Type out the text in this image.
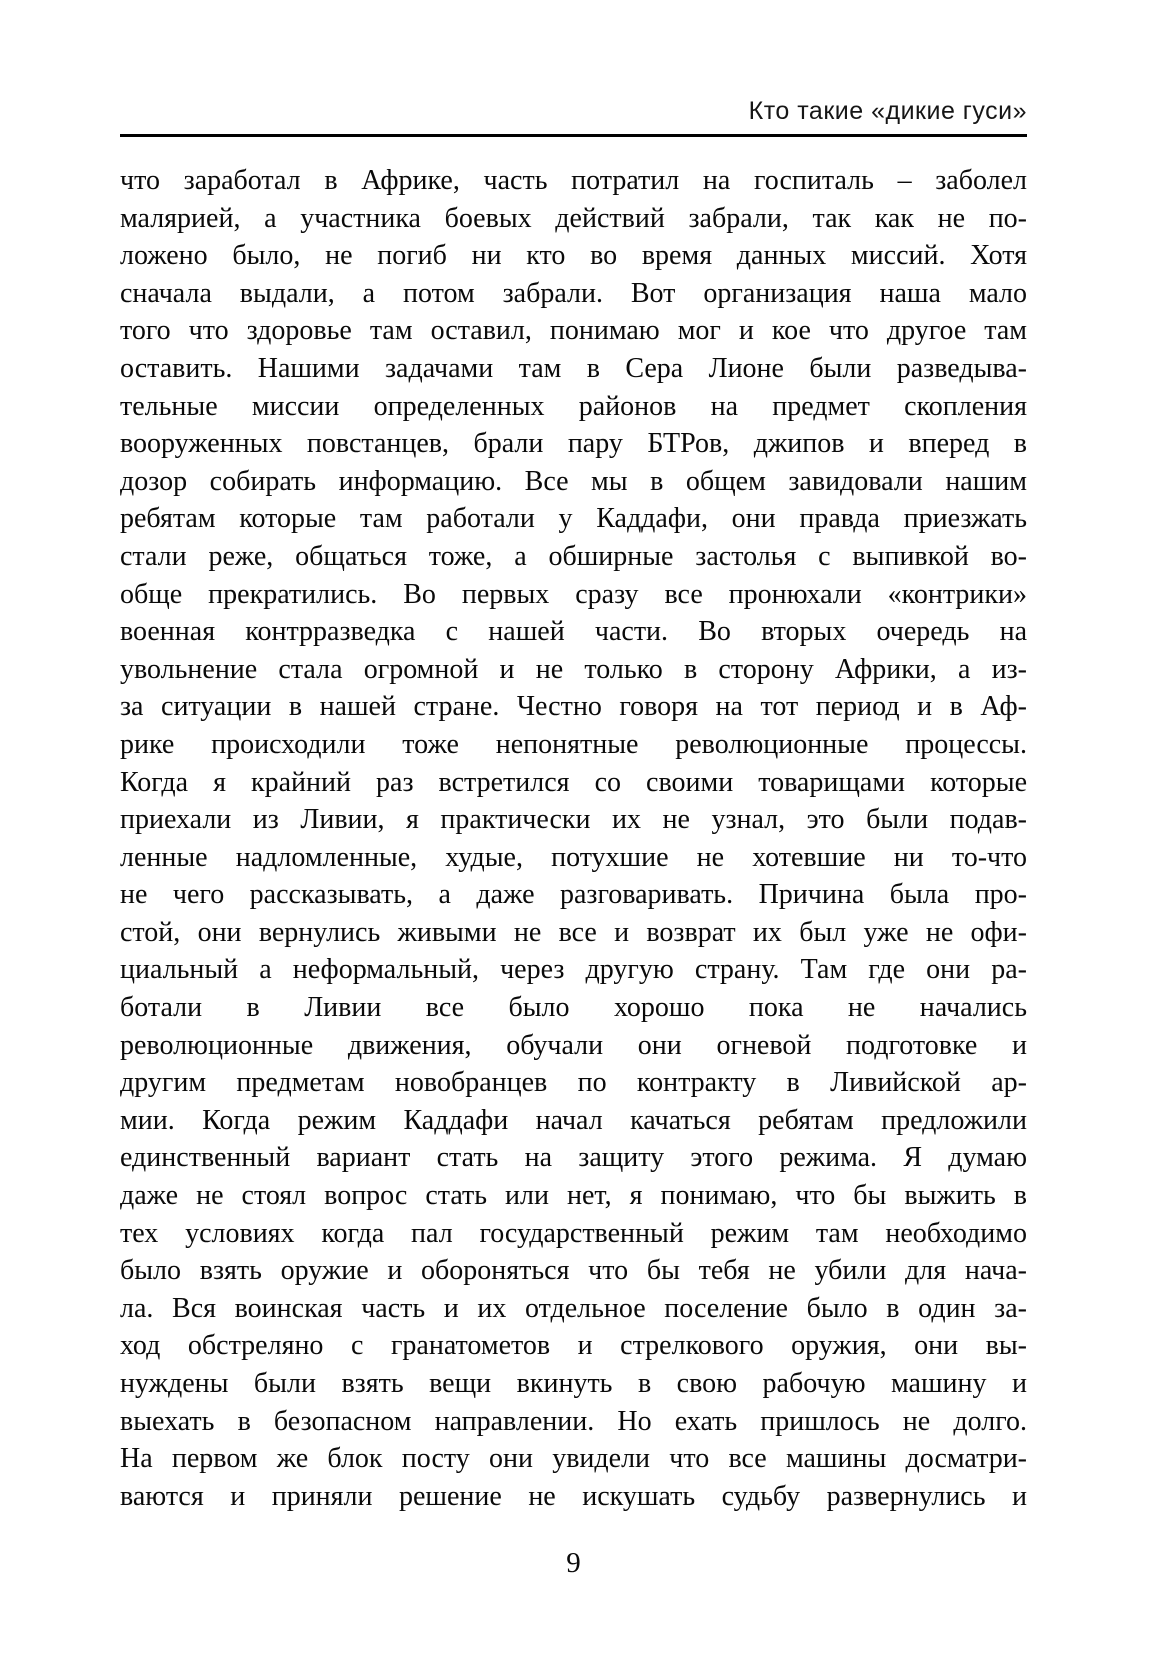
Кто такие «дикие гуси»
что заработал в Африке, часть потратил на госпиталь – заболел
малярией, а участника боевых действий забрали, так как не по-
ложено было, не погиб ни кто во время данных миссий. Хотя
сначала выдали, а потом забрали. Вот организация наша мало
того что здоровье там оставил, понимаю мог и кое что другое там
оставить. Нашими задачами там в Сера Лионе были разведыва-
тельные миссии определенных районов на предмет скопления
вооруженных повстанцев, брали пару БТРов, джипов и вперед в
дозор собирать информацию. Все мы в общем завидовали нашим
ребятам которые там работали у Каддафи, они правда приезжать
стали реже, общаться тоже, а обширные застолья с выпивкой во-
обще прекратились. Во первых сразу все пронюхали «контрики»
военная контрразведка с нашей части. Во вторых очередь на
увольнение стала огромной и не только в сторону Африки, а из-
за ситуации в нашей стране. Честно говоря на тот период и в Аф-
рике происходили тоже непонятные революционные процессы.
Когда я крайний раз встретился со своими товарищами которые
приехали из Ливии, я практически их не узнал, это были подав-
ленные надломленные, худые, потухшие не хотевшие ни то-что
не чего рассказывать, а даже разговаривать. Причина была про-
стой, они вернулись живыми не все и возврат их был уже не офи-
циальный а неформальный, через другую страну. Там где они ра-
ботали в Ливии все было хорошо пока не начались
революционные движения, обучали они огневой подготовке и
другим предметам новобранцев по контракту в Ливийской ар-
мии. Когда режим Каддафи начал качаться ребятам предложили
единственный вариант стать на защиту этого режима. Я думаю
даже не стоял вопрос стать или нет, я понимаю, что бы выжить в
тех условиях когда пал государственный режим там необходимо
было взять оружие и обороняться что бы тебя не убили для нача-
ла. Вся воинская часть и их отдельное поселение было в один за-
ход обстреляно с гранатометов и стрелкового оружия, они вы-
нуждены были взять вещи вкинуть в свою рабочую машину и
выехать в безопасном направлении. Но ехать пришлось не долго.
На первом же блок посту они увидели что все машины досматри-
ваются и приняли решение не искушать судьбу развернулись и
9
